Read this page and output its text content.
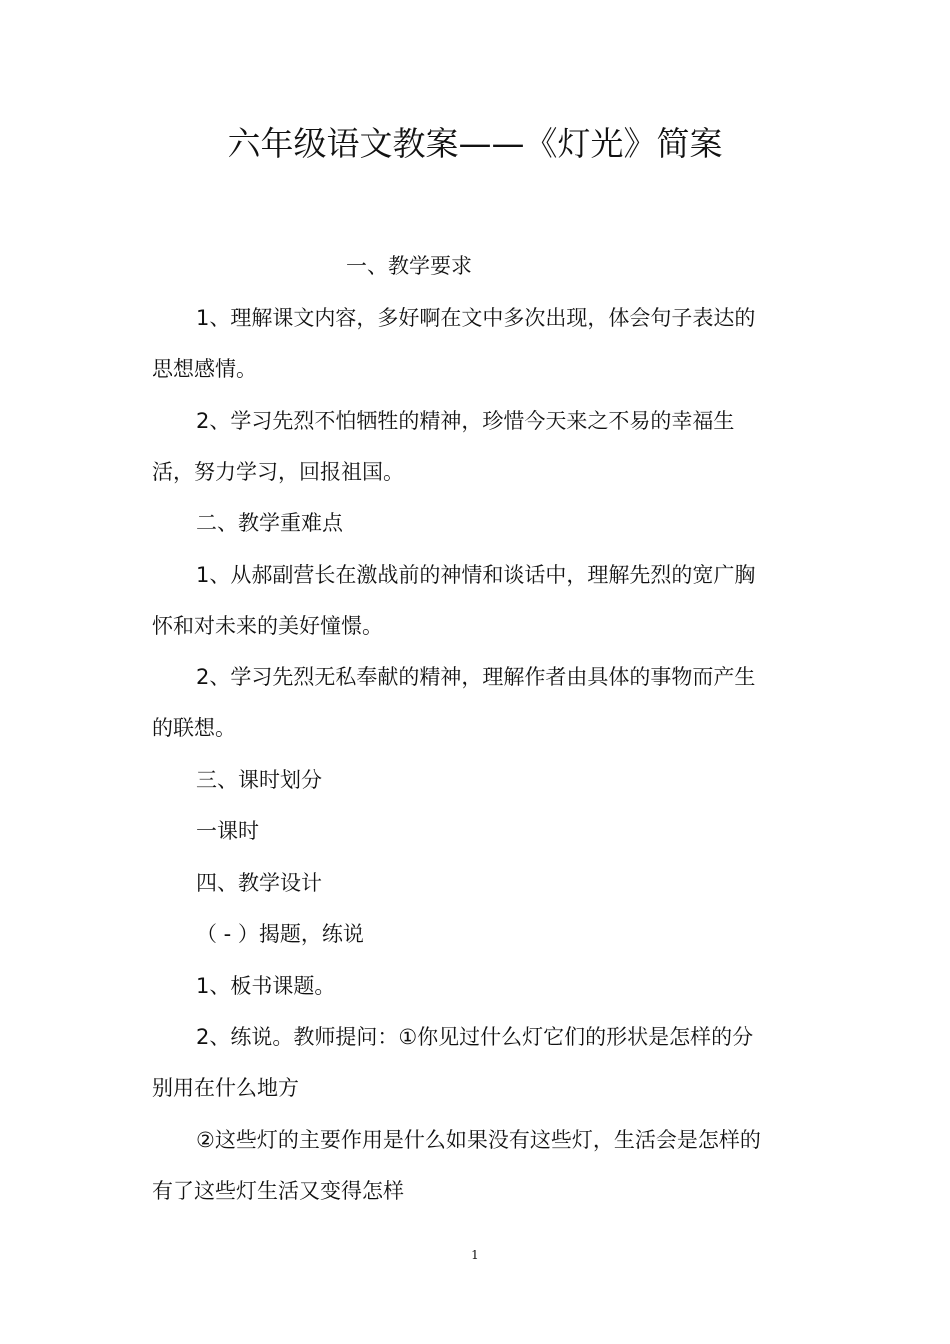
六年级语文教案——《灯光》简案
一、教学要求
1、理解课文内容，多好啊在文中多次出现，体会句子表达的
思想感情。
2、学习先烈不怕牺牲的精神，珍惜今天来之不易的幸福生
活，努力学习，回报祖国。
二、教学重难点
1、从郝副营长在激战前的神情和谈话中，理解先烈的宽广胸
怀和对未来的美好憧憬。
2、学习先烈无私奉献的精神，理解作者由具体的事物而产生
的联想。
三、课时划分
一课时
四、教学设计
（ - ）揭题，练说
1、板书课题。
2、练说。教师提问：①你见过什么灯它们的形状是怎样的分
别用在什么地方
②这些灯的主要作用是什么如果没有这些灯，生活会是怎样的
有了这些灯生活又变得怎样
1
